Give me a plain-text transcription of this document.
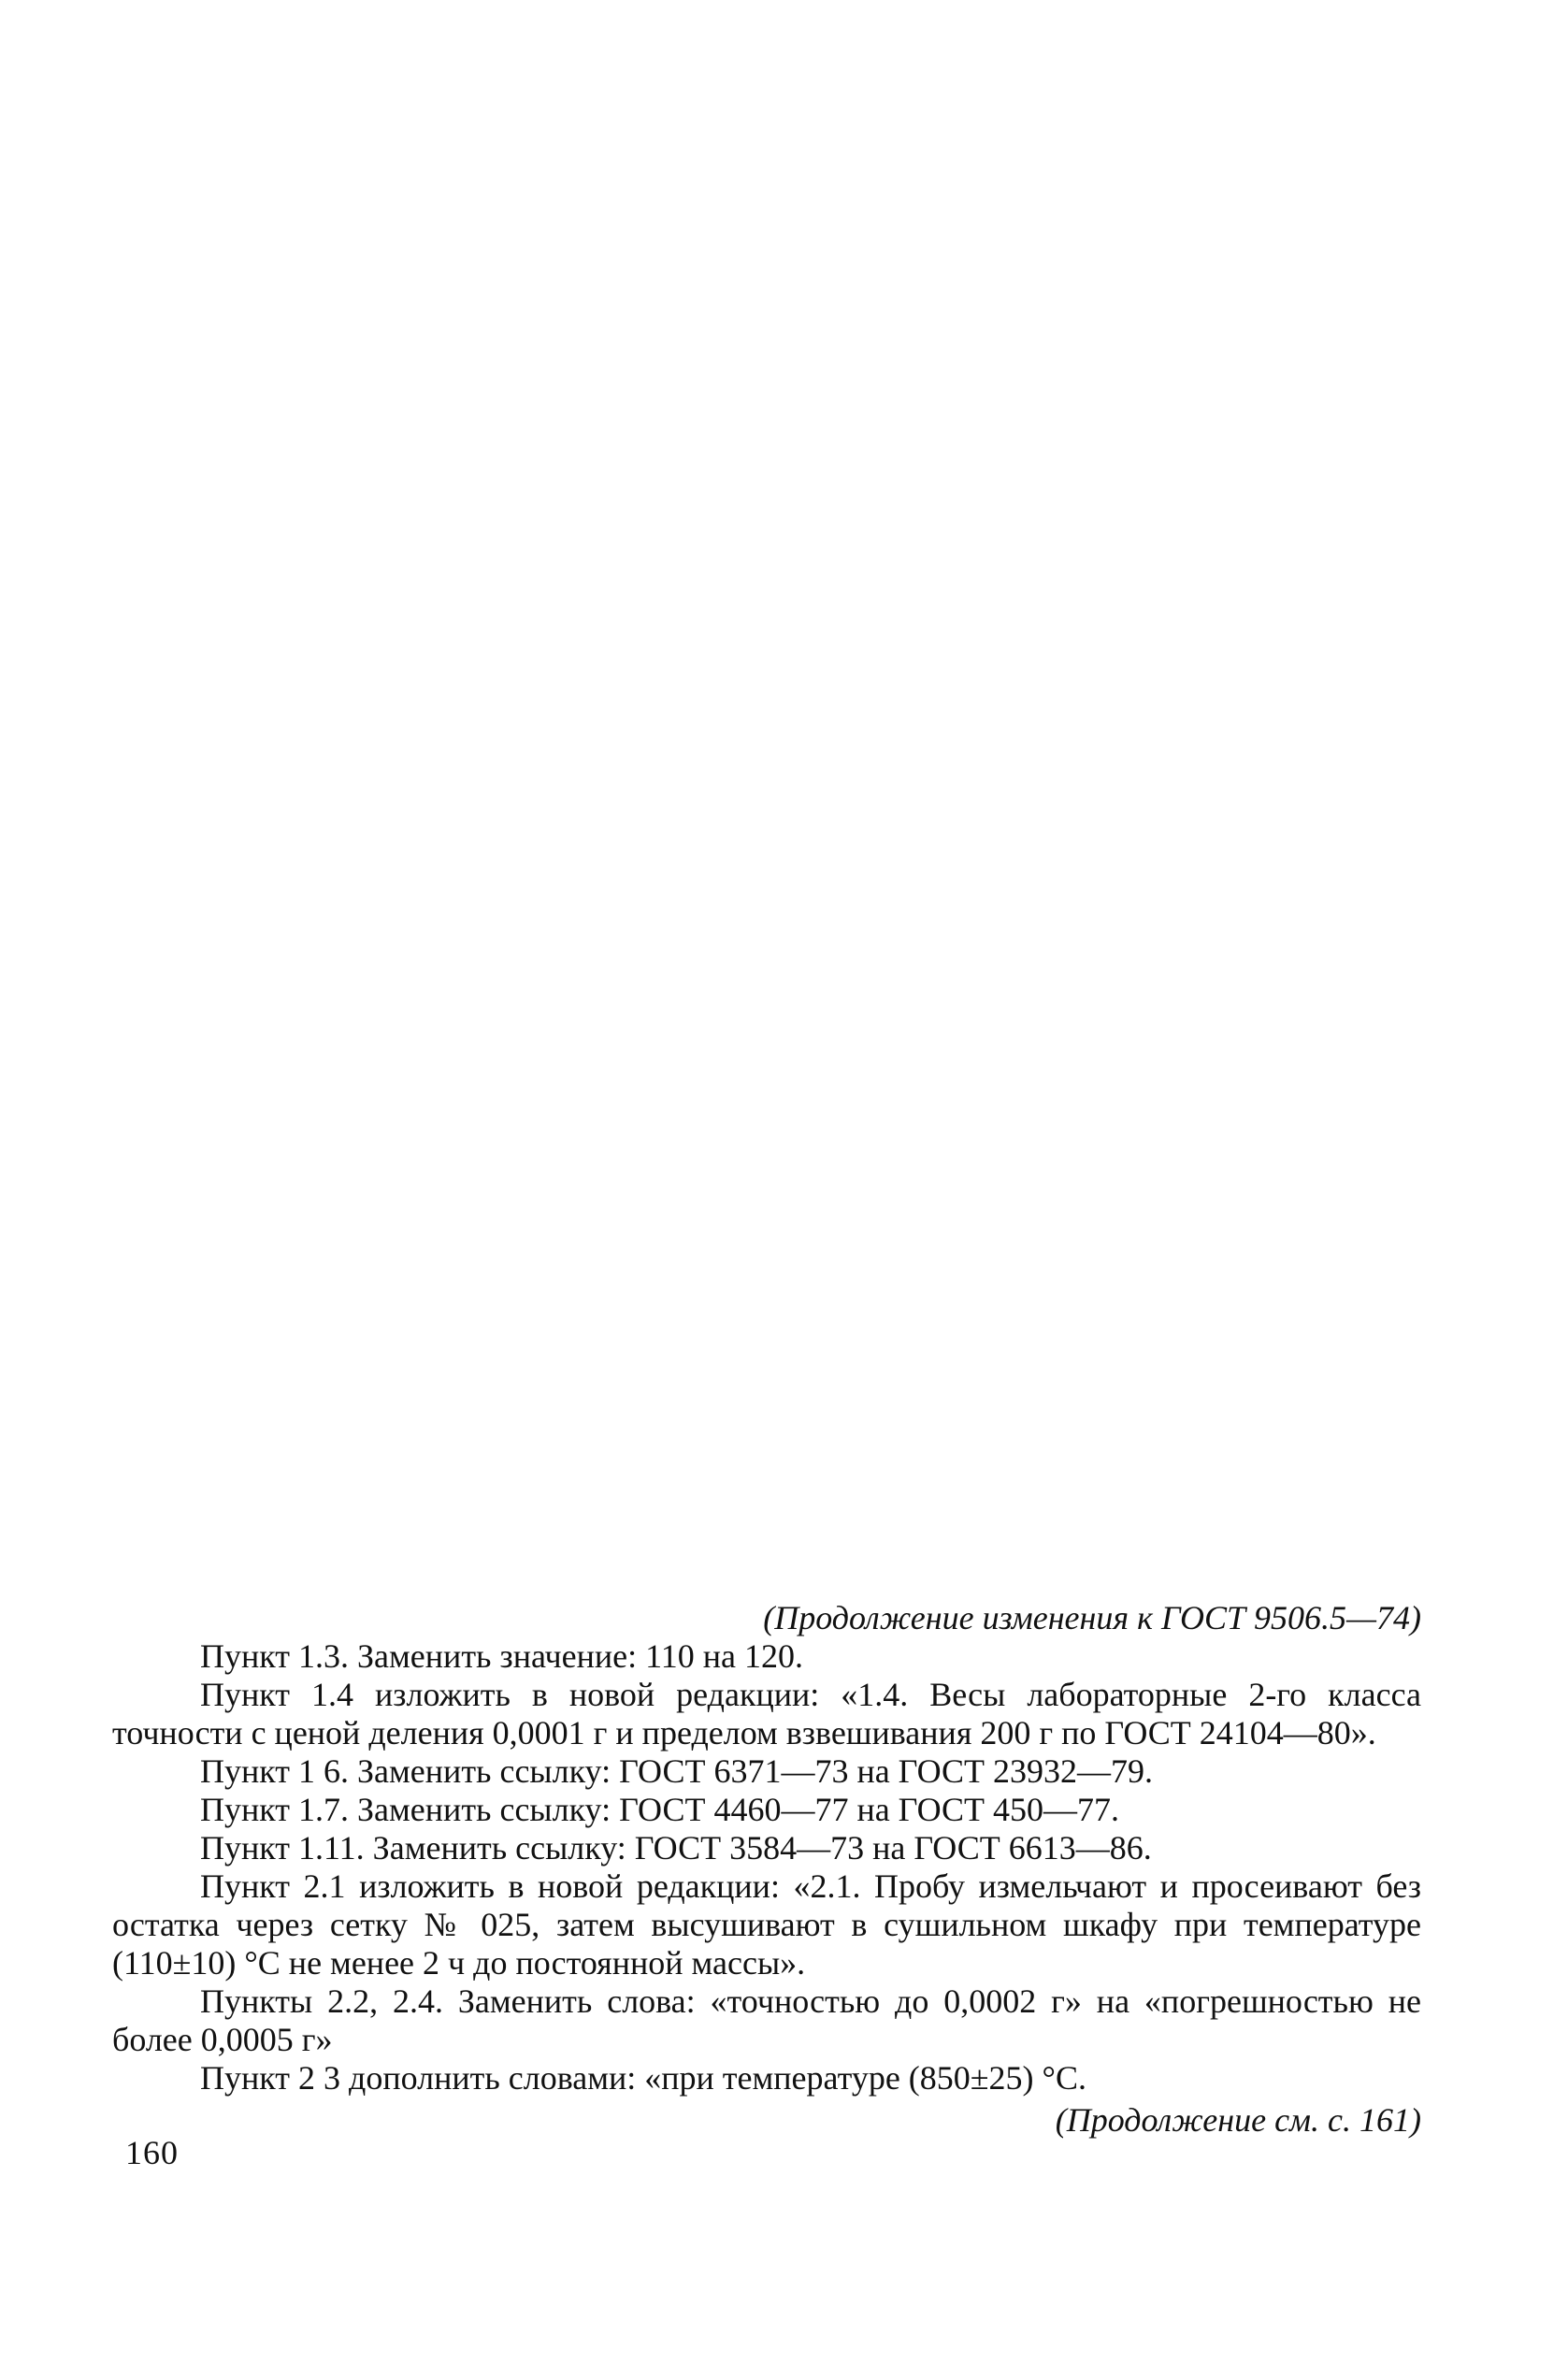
(Продолжение изменения к ГОСТ 9506.5—74)

Пункт 1.3. Заменить значение: 110 на 120.

Пункт 1.4 изложить в новой редакции: «1.4. Весы лабораторные 2-го класса точности с ценой деления 0,0001 г и пределом взвешивания 200 г по ГОСТ 24104—80».

Пункт 1 6. Заменить ссылку: ГОСТ 6371—73 на ГОСТ 23932—79.

Пункт 1.7. Заменить ссылку: ГОСТ 4460—77 на ГОСТ 450—77.

Пункт 1.11. Заменить ссылку: ГОСТ 3584—73 на ГОСТ 6613—86.

Пункт 2.1 изложить в новой редакции: «2.1. Пробу измельчают и просеивают без остатка через сетку № 025, затем высушивают в сушильном шкафу при температуре (110±10) °С не менее 2 ч до постоянной массы».

Пункты 2.2, 2.4. Заменить слова: «точностью до 0,0002 г» на «погрешностью не более 0,0005 г»

Пункт 2 3 дополнить словами: «при температуре (850±25) °С.

(Продолжение см. с. 161)
160
